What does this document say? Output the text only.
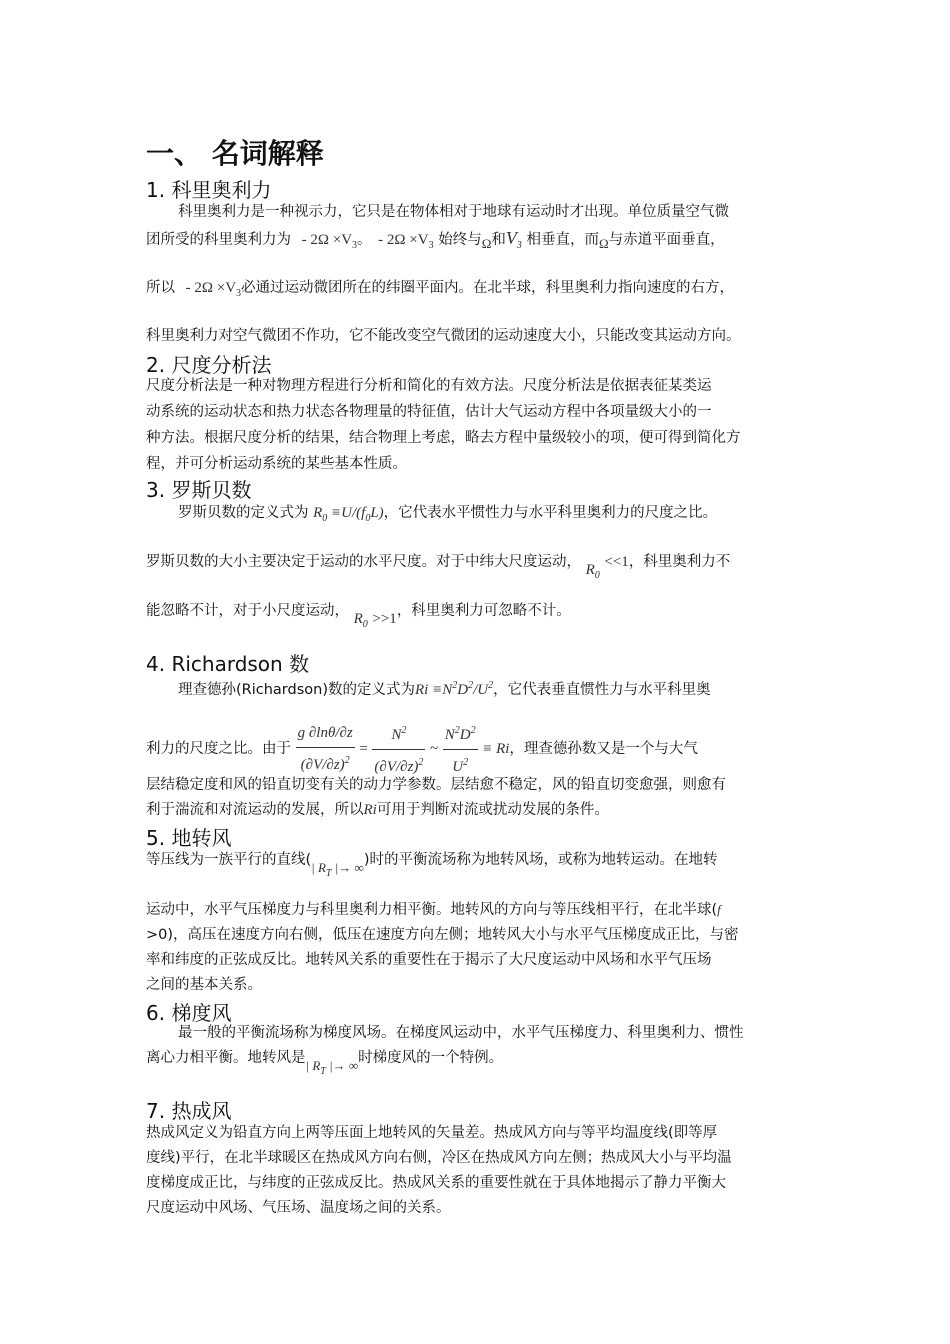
一、 名词解释
1. 科里奥利力
科里奥利力是一种视示力，它只是在物体相对于地球有运动时才出现。单位质量空气微
团所受的科里奥利力为 - $2\Omega \times V_3$。 - $2\Omega \times V_3$ 始终与Ω和$V_3$ 相垂直，而Ω与赤道平面垂直，
所以 - $2\Omega \times V_3$必通过运动微团所在的纬圈平面内。在北半球，科里奥利力指向速度的右方，
科里奥利力对空气微团不作功，它不能改变空气微团的运动速度大小，只能改变其运动方向。
2. 尺度分析法
尺度分析法是一种对物理方程进行分析和简化的有效方法。尺度分析法是依据表征某类运
动系统的运动状态和热力状态各物理量的特征值，估计大气运动方程中各项量级大小的一
种方法。根据尺度分析的结果，结合物理上考虑，略去方程中量级较小的项，便可得到简化方
程，并可分析运动系统的某些基本性质。
3. 罗斯贝数
罗斯贝数的定义式为 $R_0 \equiv U/(f_0L)$，它代表水平惯性力与水平科里奥利力的尺度之比。
罗斯贝数的大小主要决定于运动的水平尺度。对于中纬大尺度运动， $R_0 <<1$，科里奥利力不
能忽略不计，对于小尺度运动， $R_0 >>1$，科里奥利力可忽略不计。
4. Richardson 数
理查德孙(Richardson)数的定义式为$Ri \equiv N^2D^2/U^2$，它代表垂直惯性力与水平科里奥
利力的尺度之比。由于 $\frac{g \partial\ln\theta/\partial z}{(\partial V/\partial z)^2} = \frac{N^2}{(\partial V/\partial z)^2}$ ~ $\frac{N^2D^2}{U^2} \equiv Ri$，理查德孙数又是一个与大气
层结稳定度和风的铅直切变有关的动力学参数。层结愈不稳定，风的铅直切变愈强，则愈有
利于湍流和对流运动的发展，所以Ri可用于判断对流或扰动发展的条件。
5. 地转风
等压线为一族平行的直线(| $R_T$ |→ ∞)时的平衡流场称为地转风场，或称为地转运动。在地转
运动中，水平气压梯度力与科里奥利力相平衡。地转风的方向与等压线相平行，在北半球(f
>0)，高压在速度方向右侧，低压在速度方向左侧；地转风大小与水平气压梯度成正比，与密
率和纬度的正弦成反比。地转风关系的重要性在于揭示了大尺度运动中风场和水平气压场
之间的基本关系。
6. 梯度风
最一般的平衡流场称为梯度风场。在梯度风运动中，水平气压梯度力、科里奥利力、惯性
离心力相平衡。地转风是| $R_T$ |→ ∞时梯度风的一个特例。
7. 热成风
热成风定义为铅直方向上两等压面上地转风的矢量差。热成风方向与等平均温度线(即等厚
度线)平行，在北半球暖区在热成风方向右侧，冷区在热成风方向左侧；热成风大小与平均温
度梯度成正比，与纬度的正弦成反比。热成风关系的重要性就在于具体地揭示了静力平衡大
尺度运动中风场、气压场、温度场之间的关系。
